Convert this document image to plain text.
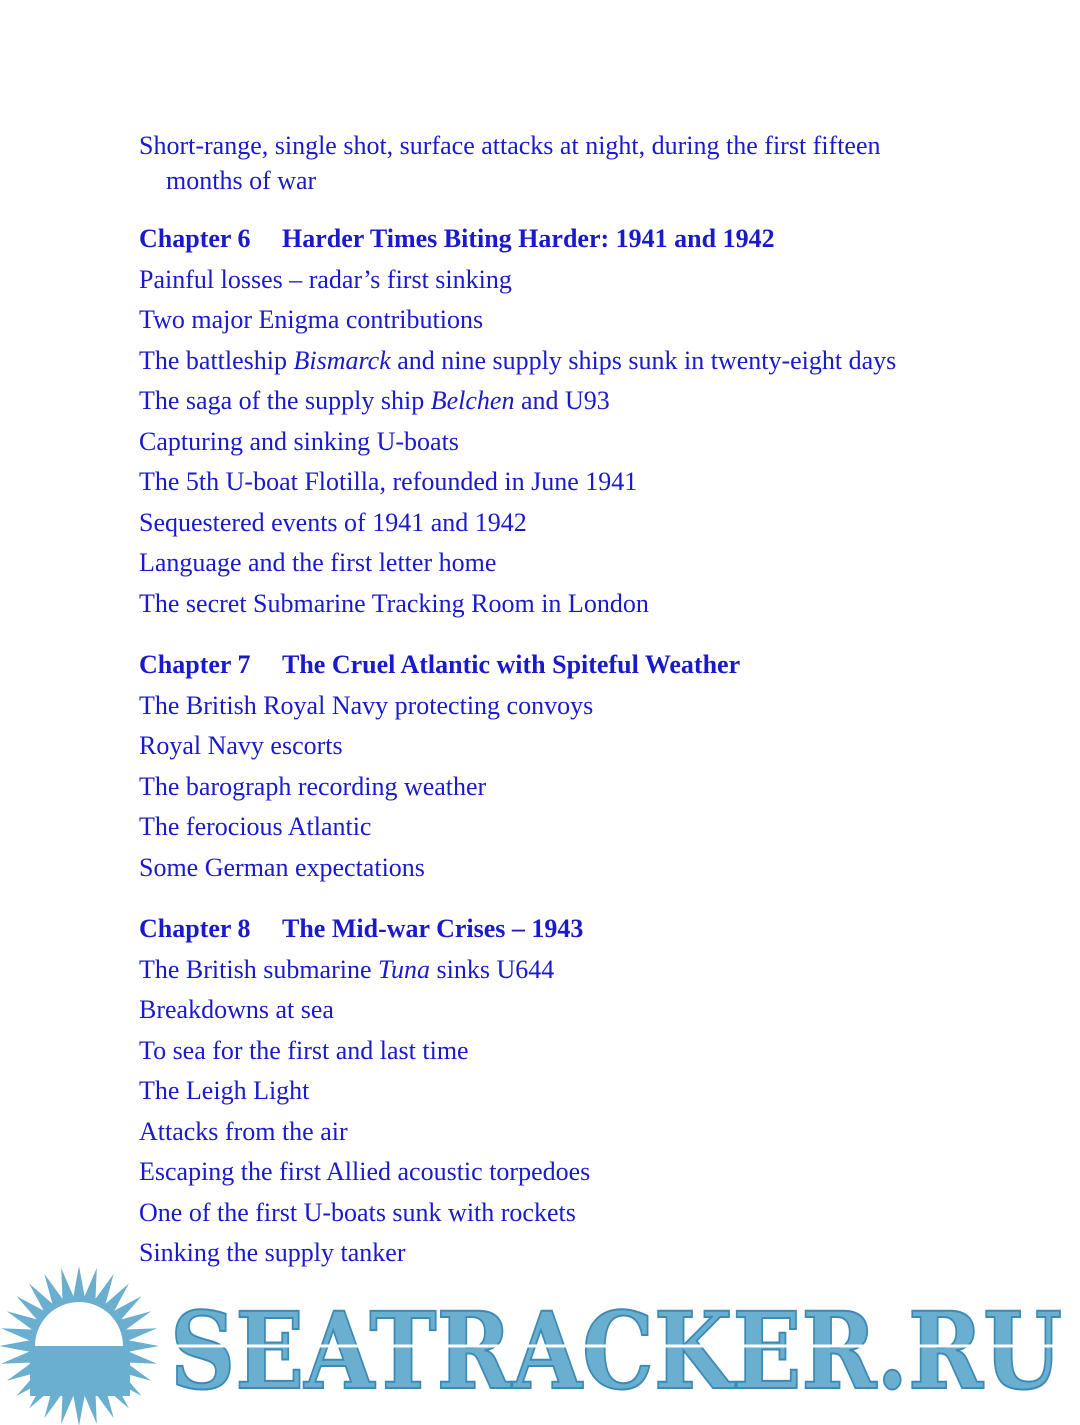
Short-range, single shot, surface attacks at night, during the first fifteen months of war
Chapter 6 Harder Times Biting Harder: 1941 and 1942
Painful losses – radar’s first sinking
Two major Enigma contributions
The battleship Bismarck and nine supply ships sunk in twenty-eight days
The saga of the supply ship Belchen and U93
Capturing and sinking U-boats
The 5th U-boat Flotilla, refounded in June 1941
Sequestered events of 1941 and 1942
Language and the first letter home
The secret Submarine Tracking Room in London
Chapter 7 The Cruel Atlantic with Spiteful Weather
The British Royal Navy protecting convoys
Royal Navy escorts
The barograph recording weather
The ferocious Atlantic
Some German expectations
Chapter 8 The Mid-war Crises – 1943
The British submarine Tuna sinks U644
Breakdowns at sea
To sea for the first and last time
The Leigh Light
Attacks from the air
Escaping the first Allied acoustic torpedoes
One of the first U-boats sunk with rockets
Sinking the supply tanker
SEATRACKER.RU
